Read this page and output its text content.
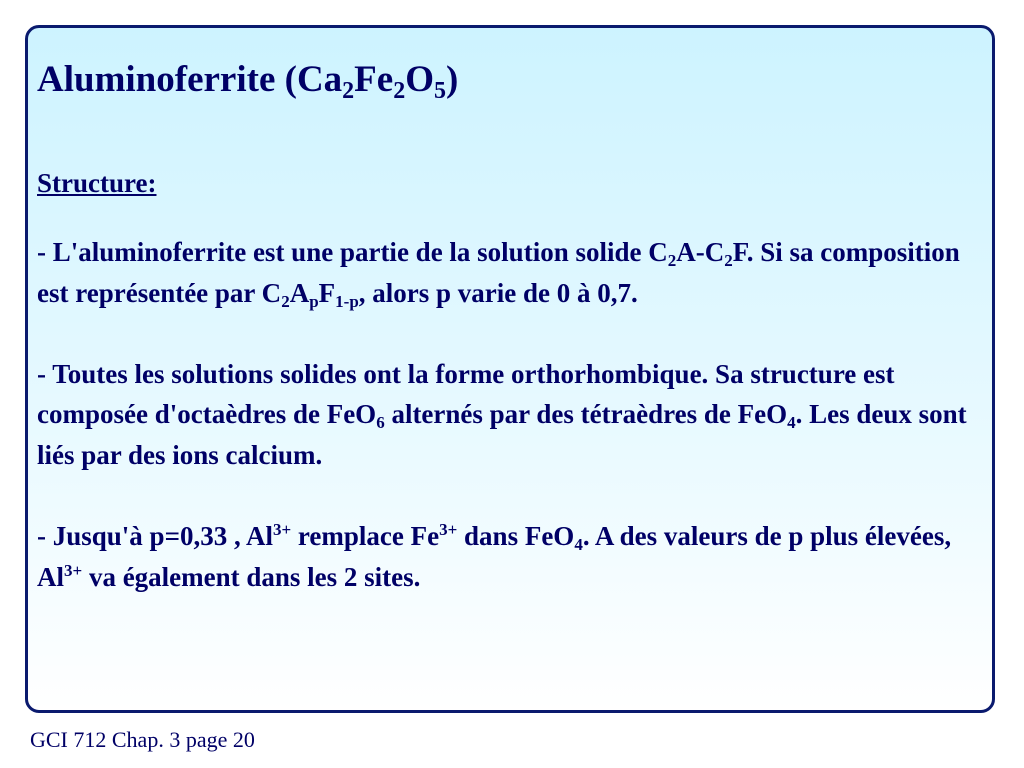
Aluminoferrite $(Ca_2Fe_2O_5)$
Structure:

- L'aluminoferrite est une partie de la solution solide $C_2A-C_2F$. Si sa composition est représentée par $C_2A_pF_{1-p}$, alors p varie de 0 à 0,7.

- Toutes les solutions solides ont la forme orthorhombique. Sa structure est composée d'octaèdres de FeO$_6$ alternés par des tétraèdres de FeO$_4$. Les deux sont liés par des ions calcium.

- Jusqu'à p=0,33 , $Al^{3+}$ remplace $Fe^{3+}$ dans FeO$_4$. A des valeurs de p plus élevées, $Al^{3+}$ va également dans les 2 sites.

GCI 712 Chap. 3 page 20
